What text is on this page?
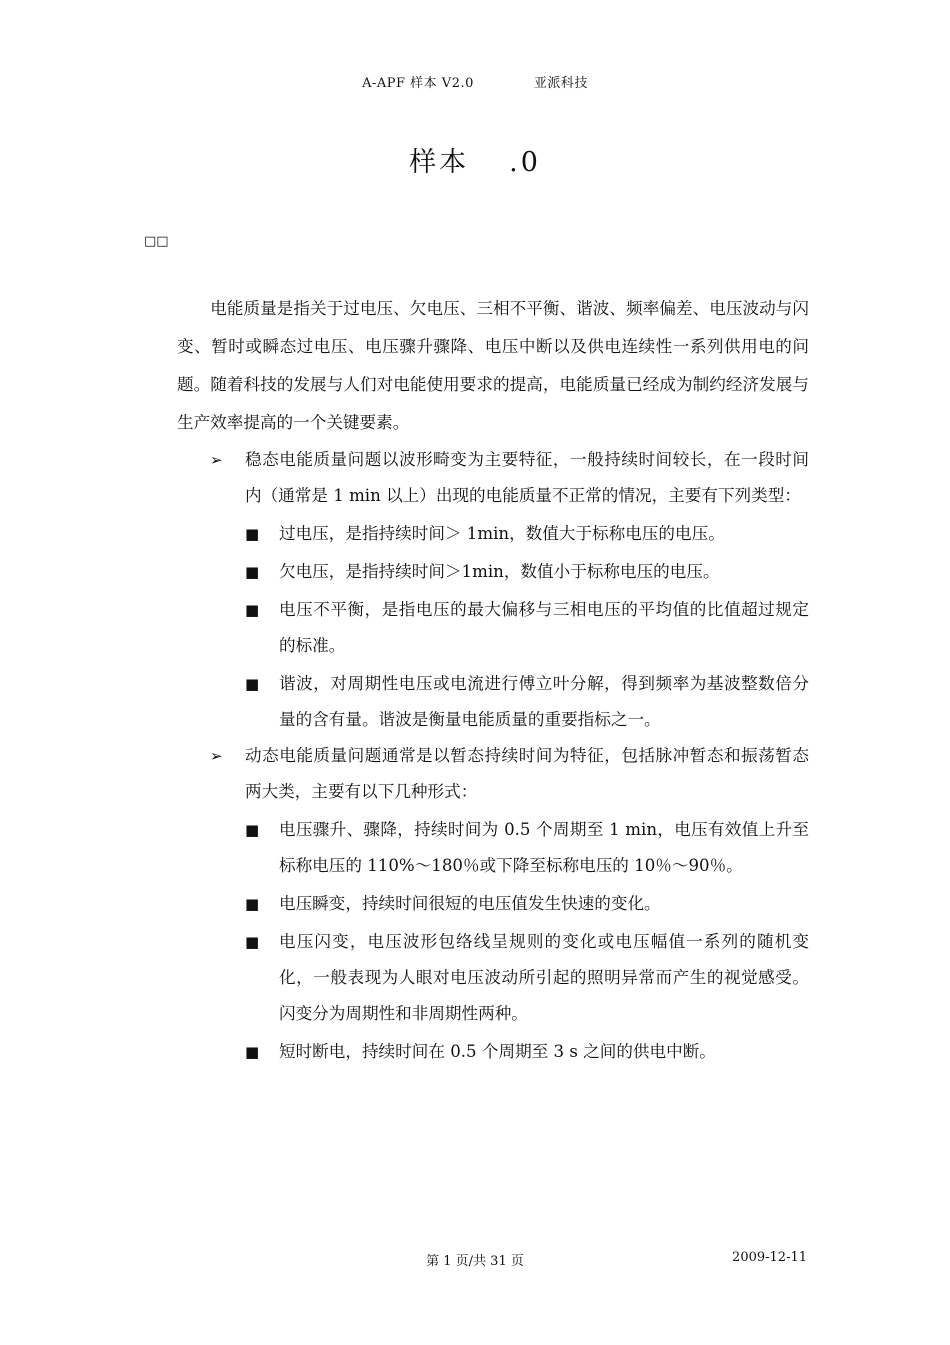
A-APF 样本 V2.0	亚派科技
样本 .0
□□

电能质量是指关于过电压、欠电压、三相不平衡、谐波、频率偏差、电压波动与闪变、暂时或瞬态过电压、电压骤升骤降、电压中断以及供电连续性一系列供用电的问题。随着科技的发展与人们对电能使用要求的提高，电能质量已经成为制约经济发展与生产效率提高的一个关键要素。

➢ 稳态电能质量问题以波形畸变为主要特征，一般持续时间较长，在一段时间内（通常是 1 min 以上）出现的电能质量不正常的情况，主要有下列类型：
■ 过电压，是指持续时间＞ 1min，数值大于标称电压的电压。
■ 欠电压，是指持续时间＞1min，数值小于标称电压的电压。
■ 电压不平衡，是指电压的最大偏移与三相电压的平均值的比值超过规定的标准。
■ 谐波，对周期性电压或电流进行傅立叶分解，得到频率为基波整数倍分量的含有量。谐波是衡量电能质量的重要指标之一。
➢ 动态电能质量问题通常是以暂态持续时间为特征，包括脉冲暂态和振荡暂态两大类，主要有以下几种形式：
■ 电压骤升、骤降，持续时间为 0.5 个周期至 1 min，电压有效值上升至标称电压的 110%～180％或下降至标称电压的 10％～90％。
■ 电压瞬变，持续时间很短的电压值发生快速的变化。
■ 电压闪变，电压波形包络线呈规则的变化或电压幅值一系列的随机变化，一般表现为人眼对电压波动所引起的照明异常而产生的视觉感受。闪变分为周期性和非周期性两种。
■ 短时断电，持续时间在 0.5 个周期至 3 s 之间的供电中断。
第 1 页/共 31 页	2009-12-11
